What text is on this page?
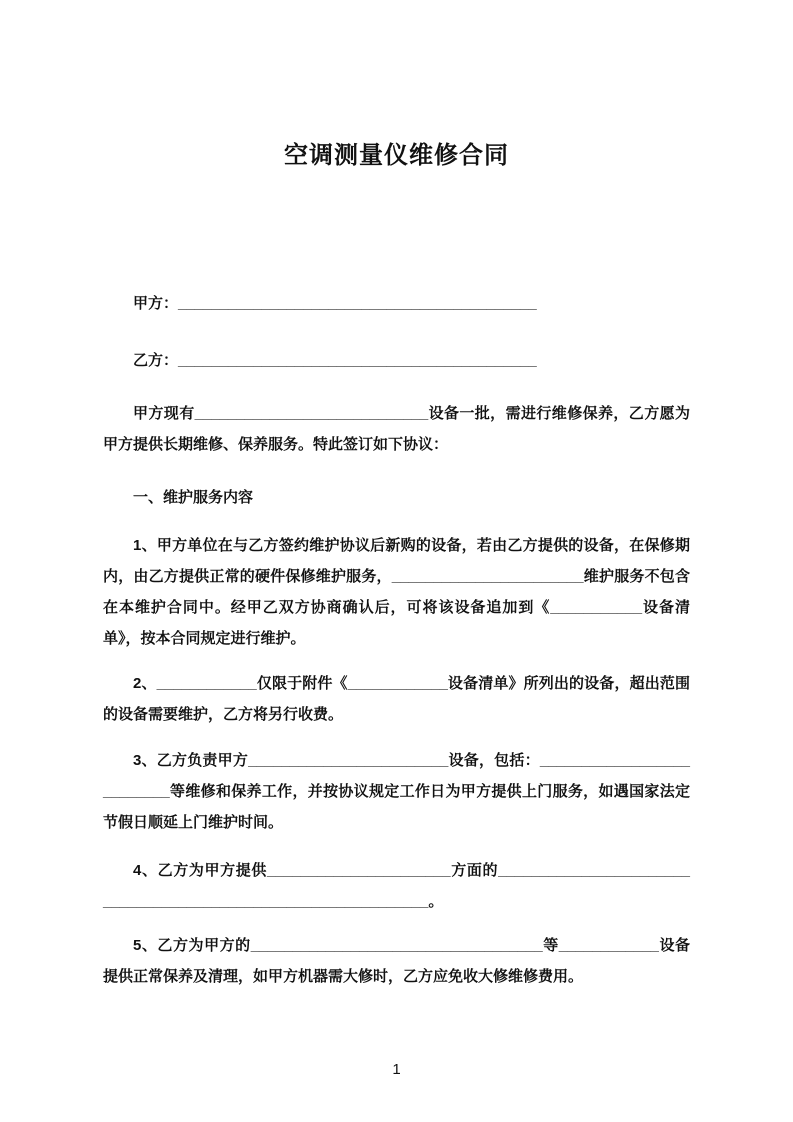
空调测量仪维修合同

甲方：___________________________________________

乙方：___________________________________________

甲方现有____________________________设备一批，需进行维修保养，乙方愿为甲方提供长期维修、保养服务。特此签订如下协议：

一、维护服务内容

1、甲方单位在与乙方签约维护协议后新购的设备，若由乙方提供的设备，在保修期内，由乙方提供正常的硬件保修维护服务，_______________________维护服务不包含在本维护合同中。经甲乙双方协商确认后，可将该设备追加到《___________设备清单》，按本合同规定进行维护。

2、____________仅限于附件《____________设备清单》所列出的设备，超出范围的设备需要维护，乙方将另行收费。

3、乙方负责甲方________________________设备，包括：__________________________等维修和保养工作，并按协议规定工作日为甲方提供上门服务，如遇国家法定节假日顺延上门维护时间。

4、乙方为甲方提供______________________方面的______________________________________________________________。

5、乙方为甲方的___________________________________等____________设备提供正常保养及清理，如甲方机器需大修时，乙方应免收大修维修费用。

1
